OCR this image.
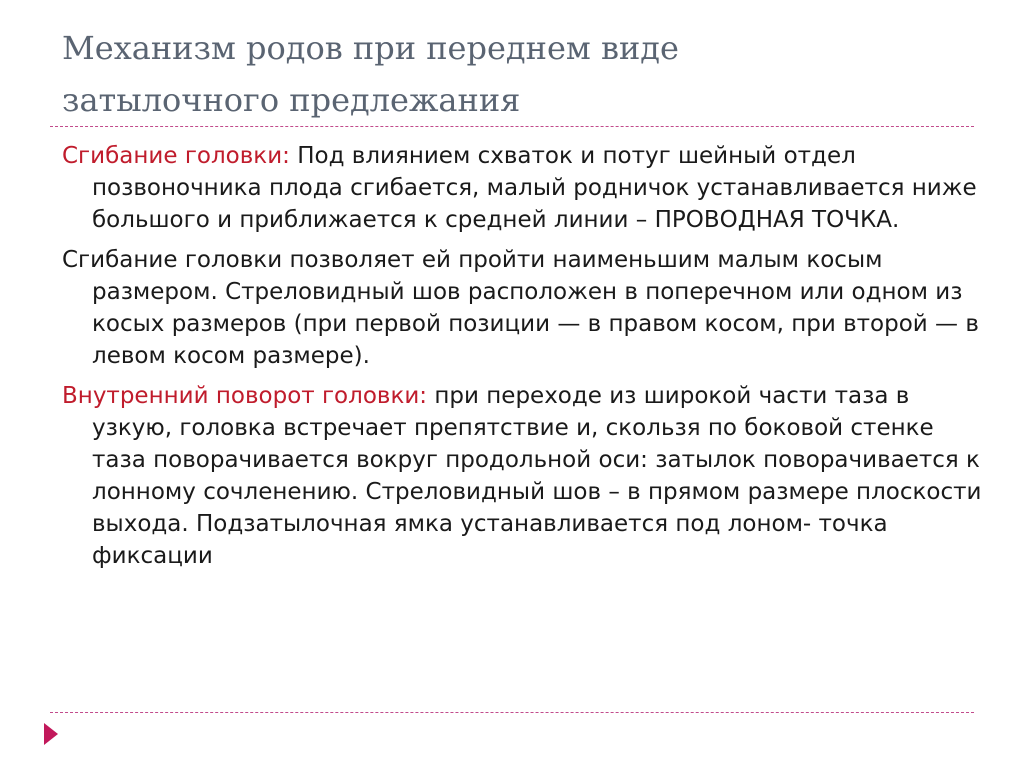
Механизм родов при переднем виде
затылочного предлежания

Сгибание головки: Под влиянием схваток и потуг шейный отдел позвоночника плода сгибается, малый родничок устанавливается ниже большого и приближается к средней линии – ПРОВОДНАЯ ТОЧКА.

Сгибание головки позволяет ей пройти наименьшим малым косым размером. Стреловидный шов расположен в поперечном или одном из косых размеров (при первой позиции — в правом косом, при второй — в левом косом размере).

Внутренний поворот головки: при переходе из широкой части таза в узкую, головка встречает препятствие и, скользя по боковой стенке таза поворачивается вокруг продольной оси: затылок поворачивается к лонному сочленению. Стреловидный шов – в прямом размере плоскости выхода. Подзатылочная ямка устанавливается под лоном- точка фиксации
